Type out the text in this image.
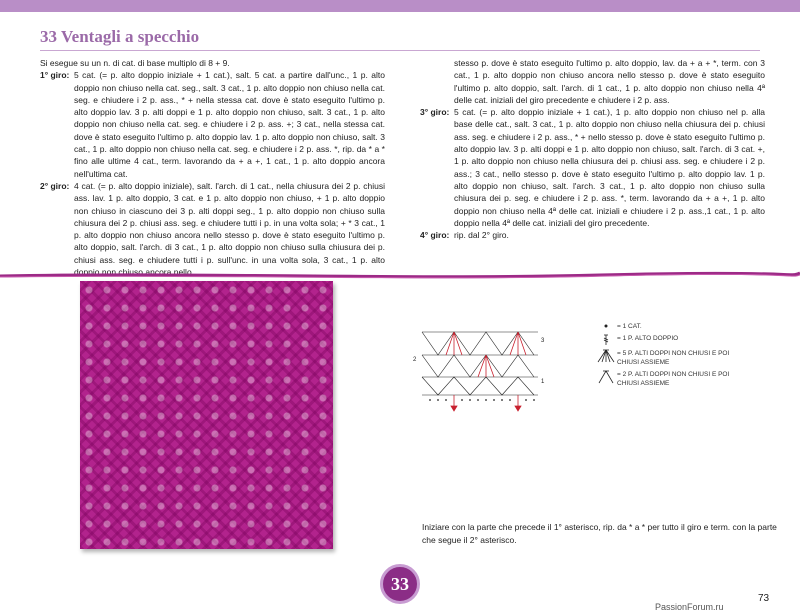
33 Ventagli a specchio

Si esegue su un n. di cat. di base multiplo di 8 + 9.

1° giro: 5 cat. (= p. alto doppio iniziale + 1 cat.), salt. 5 cat. a partire dall'unc., 1 p. alto doppio non chiuso nella cat. seg., salt. 3 cat., 1 p. alto doppio non chiuso nella cat. seg. e chiudere i 2 p. ass., * + nella stessa cat. dove è stato eseguito l'ultimo p. alto doppio lav. 3 p. alti doppi e 1 p. alto doppio non chiuso, salt. 3 cat., 1 p. alto doppio non chiuso nella cat. seg. e chiudere i 2 p. ass. +; 3 cat., nella stessa cat. dove è stato eseguito l'ultimo p. alto doppio lav. 1 p. alto doppio non chiuso, salt. 3 cat., 1 p. alto doppio non chiuso nella cat. seg. e chiudere i 2 p. ass. *, rip. da * a * fino alle ultime 4 cat., term. lavorando da + a +, 1 cat., 1 p. alto doppio ancora nell'ultima cat.
2° giro: 4 cat. (= p. alto doppio iniziale), salt. l'arch. di 1 cat., nella chiusura dei 2 p. chiusi ass. lav. 1 p. alto doppio, 3 cat. e 1 p. alto doppio non chiuso, + 1 p. alto doppio non chiuso in ciascuno dei 3 p. alti doppi seg., 1 p. alto doppio non chiuso sulla chiusura dei 2 p. chiusi ass. seg. e chiudere tutti i p. in una volta sola; + * 3 cat., 1 p. alto doppio non chiuso ancora nello stesso p. dove è stato eseguito l'ultimo p. alto doppio, salt. l'arch. di 3 cat., 1 p. alto doppio non chiuso sulla chiusura dei p. chiusi ass. seg. e chiudere tutti i p. sull'unc. in una volta sola, 3 cat., 1 p. alto doppio non chiuso ancora nello
stesso p. dove è stato eseguito l'ultimo p. alto doppio, lav. da + a + *, term. con 3 cat., 1 p. alto doppio non chiuso ancora nello stesso p. dove è stato eseguito l'ultimo p. alto doppio, salt. l'arch. di 1 cat., 1 p. alto doppio non chiuso nella 4ª delle cat. iniziali del giro precedente e chiudere i 2 p. ass.
3° giro: 5 cat. (= p. alto doppio iniziale + 1 cat.), 1 p. alto doppio non chiuso nel p. alla base delle cat., salt. 3 cat., 1 p. alto doppio non chiuso nella chiusura dei p. chiusi ass. seg. e chiudere i 2 p. ass., * + nello stesso p. dove è stato eseguito l'ultimo p. alto doppio lav. 3 p. alti doppi e 1 p. alto doppio non chiuso, salt. l'arch. di 3 cat. +, 1 p. alto doppio non chiuso nella chiusura dei p. chiusi ass. seg. e chiudere i 2 p. ass.; 3 cat., nello stesso p. dove è stato eseguito l'ultimo p. alto doppio lav. 1 p. alto doppio non chiuso, salt. l'arch. 3 cat., 1 p. alto doppio non chiuso sulla chiusura dei p. seg. e chiudere i 2 p. ass. *, term. lavorando da + a +, 1 p. alto doppio non chiuso nella 4ª delle cat. iniziali e chiudere i 2 p. ass.,1 cat., 1 p. alto doppio nella 4ª delle cat. iniziali del giro precedente.
4° giro: rip. dal 2° giro.
3
2
1
= 1 CAT.
= 1 P. ALTO DOPPIO
= 5 P. ALTI DOPPI NON CHIUSI E POI CHIUSI ASSIEME
= 2 P. ALTI DOPPI NON CHIUSI E POI CHIUSI ASSIEME
Iniziare con la parte che precede il 1° asterisco, rip. da * a * per tutto il giro e term. con la parte che segue il 2° asterisco.
33
73
PassionForum.ru
